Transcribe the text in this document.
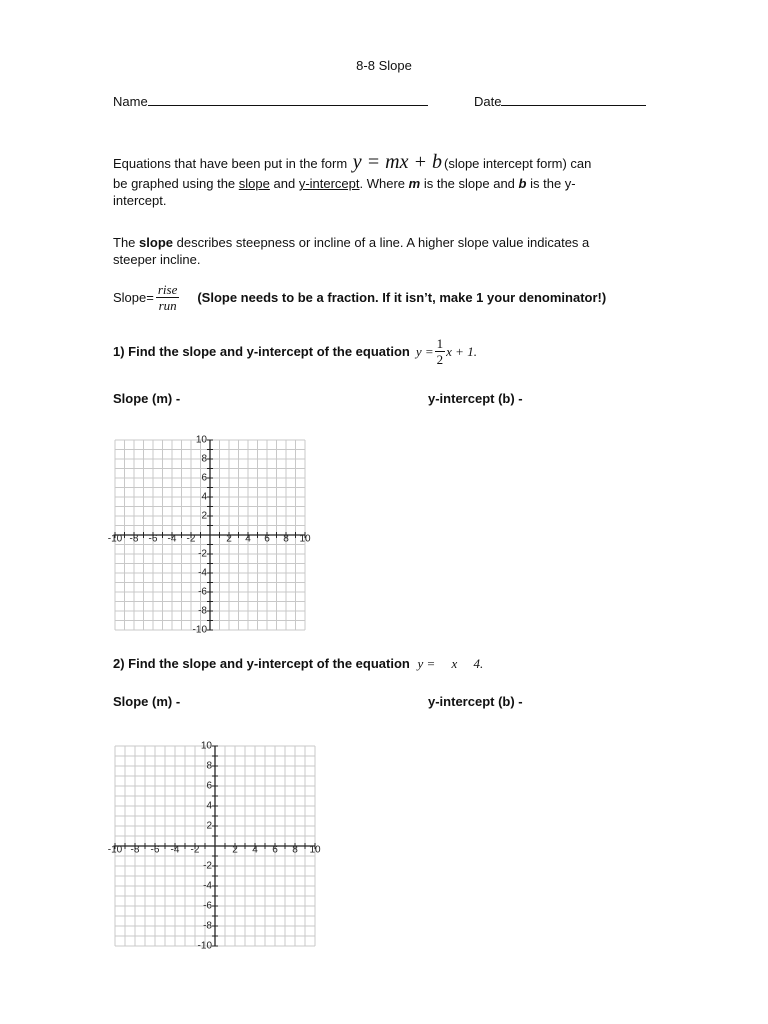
8-8 Slope
Name	Date
Equations that have been put in the form y = mx + b (slope intercept form) can
be graphed using the slope and y-intercept. Where m is the slope and b is the y-
intercept.
The slope describes steepness or incline of a line. A higher slope value indicates a
steeper incline.
Slope= $\frac{\text{rise}}{\text{run}}$ (Slope needs to be a fraction. If it isn’t, make 1 your denominator!)
1) Find the slope and y-intercept of the equation $y = \frac{1}{2}$ x + 1.
Slope (m) -	y-intercept (b) -
-10 -8 -6 -4 -2	2 4 6 8 10
10
8
6
4
2
-2
-4
-6
-8
-10
2) Find the slope and y-intercept of the equation y =     x     4.
Slope (m) -	y-intercept (b) -
-10 -8 -6 -4 -2	2 4 6 8 10
10
8
6
4
2
-2
-4
-6
-8
-10
